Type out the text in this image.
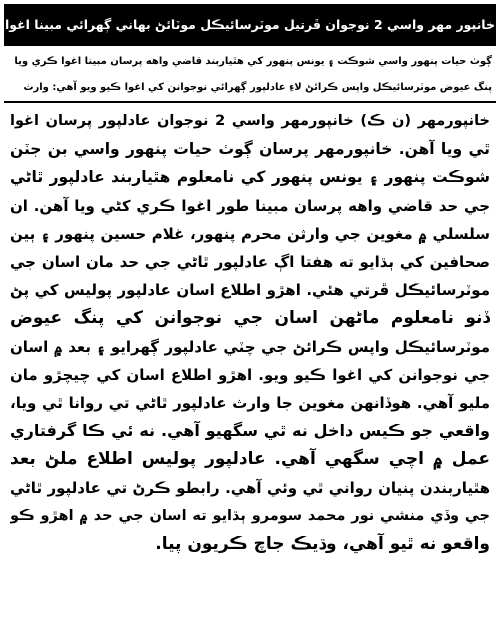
خانپور مهر واسي 2 نوجوان ڦرتيل موٽرسائيڪل موٽائڻ بهاني ڳهرائي مبينا اغوا
ڳوٺ حيات پنهور واسي شوڪت ۽ يونس پنهور کي هٿياربند قاضي واهه پرسان مبينا اغوا ڪري ويا
پنگ عيوض موٽرسائيڪل واپس ڪرائڻ لاءِ عادلپور ڳهرائي نوجوانن کي اغوا ڪيو ويو آهي: وارث
خانپورمهر (ن ڪ) خانپورمهر واسي 2 نوجوان عادلپور پرسان اغوا
ٿي ويا آهن. خانپورمهر پرسان ڳوٺ حيات پنهور واسي بن جٽن
شوڪت پنهور ۽ يونس پنهور کي نامعلوم هٿياربند عادلپور ٿاڻي
جي حد قاضي واهه پرسان مبينا طور اغوا ڪري کڻي ويا آهن. ان
سلسلي ۾ مغوين جي وارثن محرم پنهور، غلام حسين پنهور ۽ ٻين
صحافين کي ٻڌايو ته هفتا اڳ عادلپور ٿاڻي جي حد مان اسان جي
موٽرسائيڪل ڦرتي هئي. اهڙو اطلاع اسان عادلپور پوليس کي پڻ
ڏنو نامعلوم ماڻهن اسان جي نوجوانن کي پنگ عيوض
موٽرسائيڪل واپس ڪرائڻ جي چٽي عادلپور ڳهرايو ۽ بعد ۾ اسان
جي نوجوانن کي اغوا ڪيو ويو. اهڙو اطلاع اسان کي چيچڙو مان
مليو آهي. هوڏانهن مغوين جا وارث عادلپور ٿاڻي تي روانا ٿي ويا،
واقعي جو ڪيس داخل نه ٿي سگهيو آهي. نه ئي ڪا گرفتاري
عمل ۾ اچي سگهي آهي. عادلپور پوليس اطلاع ملڻ بعد
هٿياربندن پنيان رواني ٿي وئي آهي. رابطو ڪرڻ تي عادلپور ٿاڻي
جي وڏي منشي نور محمد سومرو ٻڌايو ته اسان جي حد ۾ اهڙو ڪو
واقعو نه ٿيو آهي، وڌيڪ جاچ ڪريون پيا.
